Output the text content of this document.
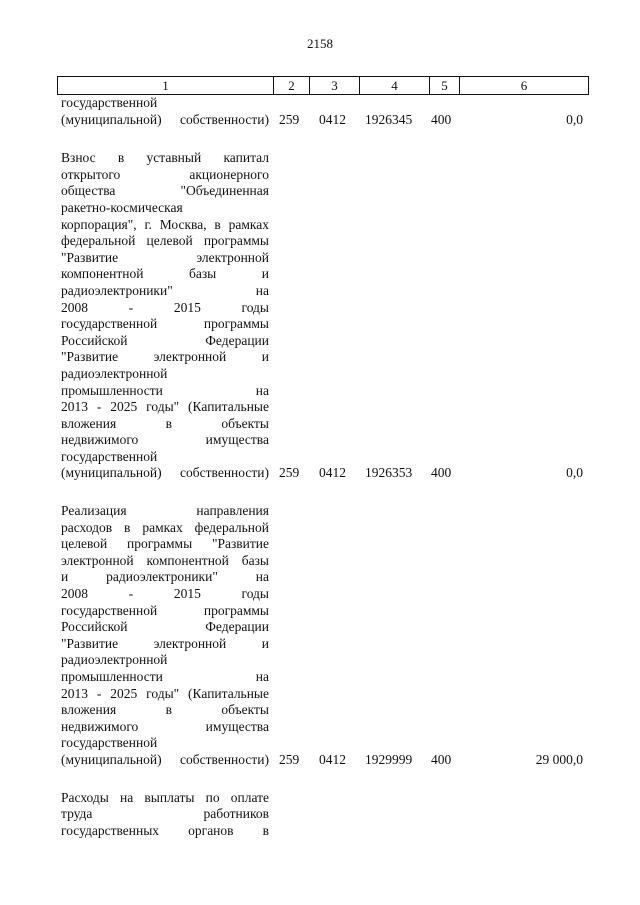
2158
1	2	3	4	5	6
государственной
(муниципальной) собственности) 259	0412	1926345	400	0,0
Взнос в уставный капитал
открытого акционерного
общества "Объединенная
ракетно-космическая
корпорация", г. Москва, в рамках
федеральной целевой программы
"Развитие электронной
компонентной базы и
радиоэлектроники" на
2008 - 2015 годы
государственной программы
Российской Федерации
"Развитие электронной и
радиоэлектронной
промышленности на
2013 - 2025 годы" (Капитальные
вложения в объекты
недвижимого имущества
государственной
(муниципальной) собственности) 259	0412	1926353	400	0,0
Реализация направления
расходов в рамках федеральной
целевой программы "Развитие
электронной компонентной базы
и радиоэлектроники" на
2008 - 2015 годы
государственной программы
Российской Федерации
"Развитие электронной и
радиоэлектронной
промышленности на
2013 - 2025 годы" (Капитальные
вложения в объекты
недвижимого имущества
государственной
(муниципальной) собственности) 259	0412	1929999	400	29 000,0
Расходы на выплаты по оплате
труда работников
государственных органов в
